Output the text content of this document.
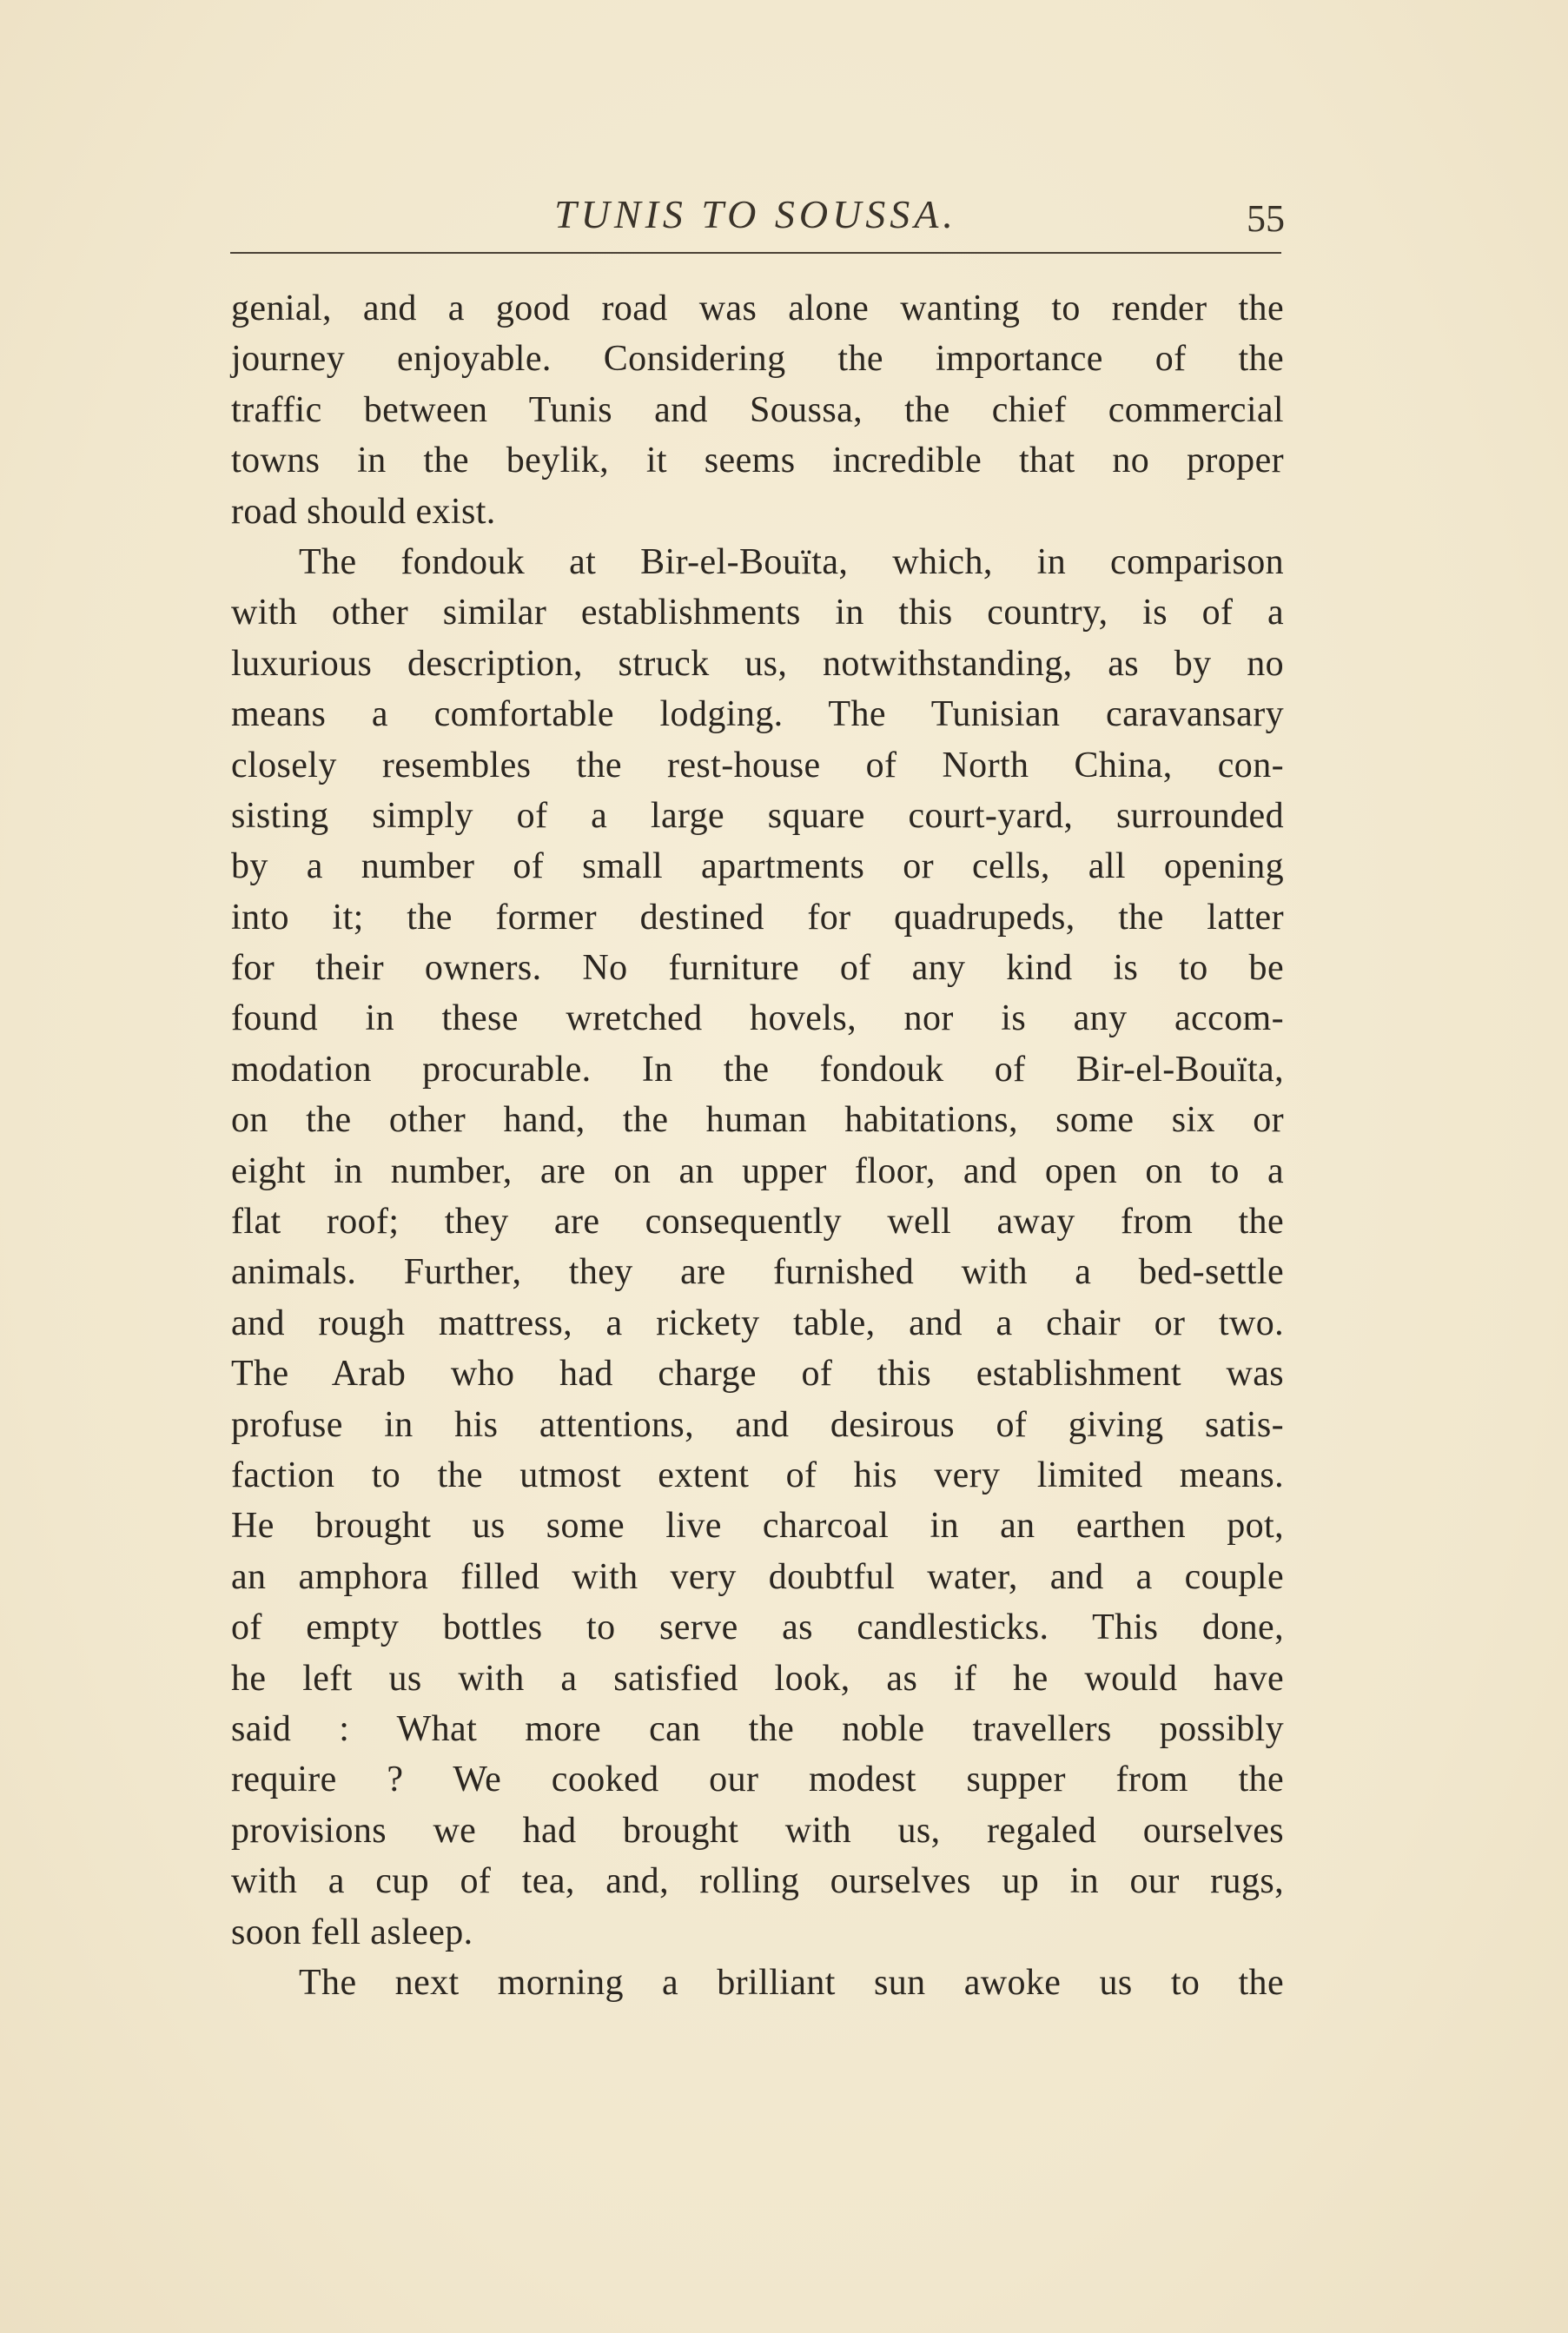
TUNIS TO SOUSSA.	55
genial, and a good road was alone wanting to render the
journey enjoyable. Considering the importance of the
traffic between Tunis and Soussa, the chief commercial
towns in the beylik, it seems incredible that no proper
road should exist.
The fondouk at Bir-el-Bouïta, which, in comparison
with other similar establishments in this country, is of a
luxurious description, struck us, notwithstanding, as by no
means a comfortable lodging. The Tunisian caravansary
closely resembles the rest-house of North China, con-
sisting simply of a large square court-yard, surrounded
by a number of small apartments or cells, all opening
into it; the former destined for quadrupeds, the latter
for their owners. No furniture of any kind is to be
found in these wretched hovels, nor is any accom-
modation procurable. In the fondouk of Bir-el-Bouïta,
on the other hand, the human habitations, some six or
eight in number, are on an upper floor, and open on to a
flat roof; they are consequently well away from the
animals. Further, they are furnished with a bed-settle
and rough mattress, a rickety table, and a chair or two.
The Arab who had charge of this establishment was
profuse in his attentions, and desirous of giving satis-
faction to the utmost extent of his very limited means.
He brought us some live charcoal in an earthen pot,
an amphora filled with very doubtful water, and a couple
of empty bottles to serve as candlesticks. This done,
he left us with a satisfied look, as if he would have
said : What more can the noble travellers possibly
require ? We cooked our modest supper from the
provisions we had brought with us, regaled ourselves
with a cup of tea, and, rolling ourselves up in our rugs,
soon fell asleep.
The next morning a brilliant sun awoke us to the
